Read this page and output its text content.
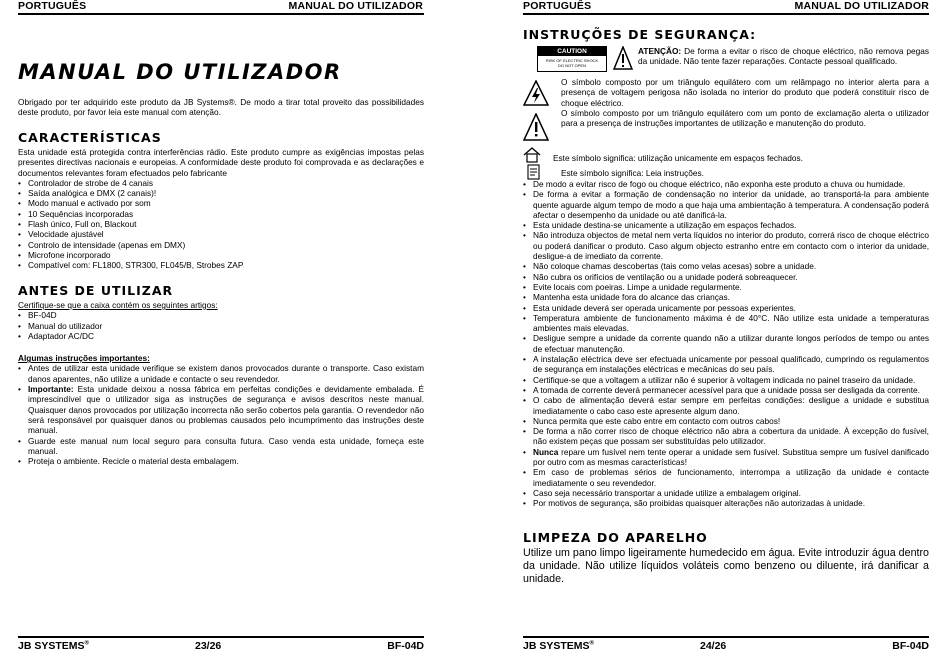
PORTUGUÊS	MANUAL DO UTILIZADOR
MANUAL DO UTILIZADOR

Obrigado por ter adquirido este produto da JB Systems®. De modo a tirar total proveito das possibilidades deste produto, por favor leia este manual com atenção.

CARACTERÍSTICAS

Esta unidade está protegida contra interferências rádio. Este produto cumpre as exigências impostas pelas presentes directivas nacionais e europeias. A conformidade deste produto foi comprovada e as declarações e documentos relevantes foram efectuados pelo fabricante

• Controlador de strobe de 4 canais
• Saída analógica e DMX (2 canais)!
• Modo manual e activado por som
• 10 Sequências incorporadas
• Flash único, Full on, Blackout
• Velocidade ajustável
• Controlo de intensidade (apenas em DMX)
• Microfone incorporado
• Compatível com: FL1800, STR300, FL045/B, Strobes ZAP
ANTES DE UTILIZAR

Certifique-se que a caixa contém os seguintes artigos:

• BF-04D
• Manual do utilizador
• Adaptador AC/DC

Algumas instruções importantes:

• Antes de utilizar esta unidade verifique se existem danos provocados durante o transporte. Caso existam danos aparentes, não utilize a unidade e contacte o seu revendedor.
• Importante: Esta unidade deixou a nossa fábrica em perfeitas condições e devidamente embalada. É imprescindível que o utilizador siga as instruções de segurança e avisos descritos neste manual. Quaisquer danos provocados por utilização incorrecta não serão cobertos pela garantia. O revendedor não será responsável por quaisquer danos ou problemas causados pelo incumprimento das instruções deste manual.
• Guarde este manual num local seguro para consulta futura. Caso venda esta unidade, forneça este manual.
• Proteja o ambiente. Recicle o material desta embalagem.
JB SYSTEMS®	23/26	BF-04D
PORTUGUÊS	MANUAL DO UTILIZADOR
INSTRUÇÕES DE SEGURANÇA:
CAUTION
RISK OF ELECTRIC SHOCK
DO NOT OPEN

ATENÇÃO: De forma a evitar o risco de choque eléctrico, não remova pegas da unidade. Não tente fazer reparações. Contacte pessoal qualificado.

O símbolo composto por um triângulo equilátero com um relâmpago no interior alerta para a presença de voltagem perigosa não isolada no interior do produto que poderá constituir risco de choque eléctrico.

O símbolo composto por um triângulo equilátero com um ponto de exclamação alerta o utilizador para a presença de instruções importantes de utilização e manutenção do produto.

Este símbolo significa: utilização unicamente em espaços fechados.

Este símbolo significa: Leia instruções.

• De modo a evitar risco de fogo ou choque eléctrico, não exponha este produto a chuva ou humidade.
• De forma a evitar a formação de condensação no interior da unidade, ao transportá-la para ambiente quente aguarde algum tempo de modo a que haja uma ambientação à temperatura. A condensação poderá afectar o desempenho da unidade ou até danificá-la.
• Esta unidade destina-se unicamente a utilização em espaços fechados.
• Não introduza objectos de metal nem verta líquidos no interior do produto, correrá risco de choque eléctrico ou poderá danificar o produto. Caso algum objecto estranho entre em contacto com o interior da unidade, desligue-a de imediato da corrente.
• Não coloque chamas descobertas (tais como velas acesas) sobre a unidade.
• Não cubra os orifícios de ventilação ou a unidade poderá sobreaquecer.
• Evite locais com poeiras. Limpe a unidade regularmente.
• Mantenha esta unidade fora do alcance das crianças.
• Esta unidade deverá ser operada unicamente por pessoas experientes.
• Temperatura ambiente de funcionamento máxima é de 40°C. Não utilize esta unidade a temperaturas ambientes mais elevadas.
• Desligue sempre a unidade da corrente quando não a utilizar durante longos períodos de tempo ou antes de efectuar manutenção.
• A instalação eléctrica deve ser efectuada unicamente por pessoal qualificado, cumprindo os regulamentos de segurança em instalações eléctricas e mecânicas do seu país.
• Certifique-se que a voltagem a utilizar não é superior à voltagem indicada no painel traseiro da unidade.
• A tomada de corrente deverá permanecer acessível para que a unidade possa ser desligada da corrente.
• O cabo de alimentação deverá estar sempre em perfeitas condições: desligue a unidade e substitua imediatamente o cabo caso este apresente algum dano.
• Nunca permita que este cabo entre em contacto com outros cabos!
• De forma a não correr risco de choque eléctrico não abra a cobertura da unidade. À excepção do fusível, não existem peças que possam ser substituídas pelo utilizador.
• Nunca repare um fusível nem tente operar a unidade sem fusível. Substitua sempre um fusível danificado por outro com as mesmas características!
• Em caso de problemas sérios de funcionamento, interrompa a utilização da unidade e contacte imediatamente o seu revendedor.
• Caso seja necessário transportar a unidade utilize a embalagem original.
• Por motivos de segurança, são proibidas quaisquer alterações não autorizadas à unidade.
LIMPEZA DO APARELHO
Utilize um pano limpo ligeiramente humedecido em água. Evite introduzir água dentro da unidade. Não utilize líquidos voláteis como benzeno ou diluente, irá danificar a unidade.
JB SYSTEMS®	24/26	BF-04D
